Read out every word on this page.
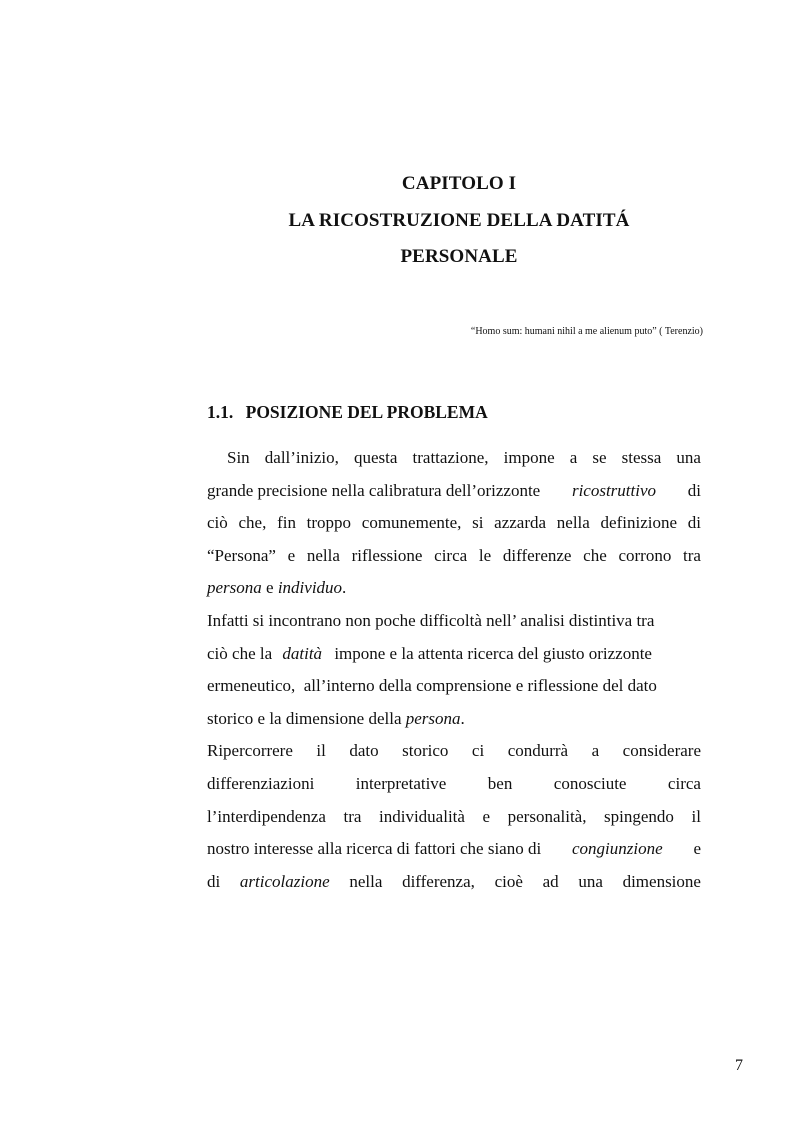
CAPITOLO I
LA RICOSTRUZIONE DELLA DATITÁ
PERSONALE
“Homo sum: humani nihil a me alienum puto” ( Terenzio)
1.1. POSIZIONE DEL PROBLEMA
Sin dall’inizio, questa trattazione, impone a se stessa una
grande precisione nella calibratura dell’orizzonte ricostruttivo di
ciò che, fin troppo comunemente, si azzarda nella definizione di
“Persona” e nella riflessione circa le differenze che corrono tra
persona e individuo.
Infatti si incontrano non poche difficoltà nell’ analisi distintiva tra
ciò che la datità impone e la attenta ricerca del giusto orizzonte
ermeneutico,  all’interno della comprensione e riflessione del dato
storico e la dimensione della persona.
Ripercorrere il dato storico ci condurrà a considerare
differenziazioni interpretative ben conosciute circa
l’interdipendenza tra individualità e personalità, spingendo il
nostro interesse alla ricerca di fattori che siano di congiunzione e
di articolazione nella differenza, cioè ad una dimensione
7
